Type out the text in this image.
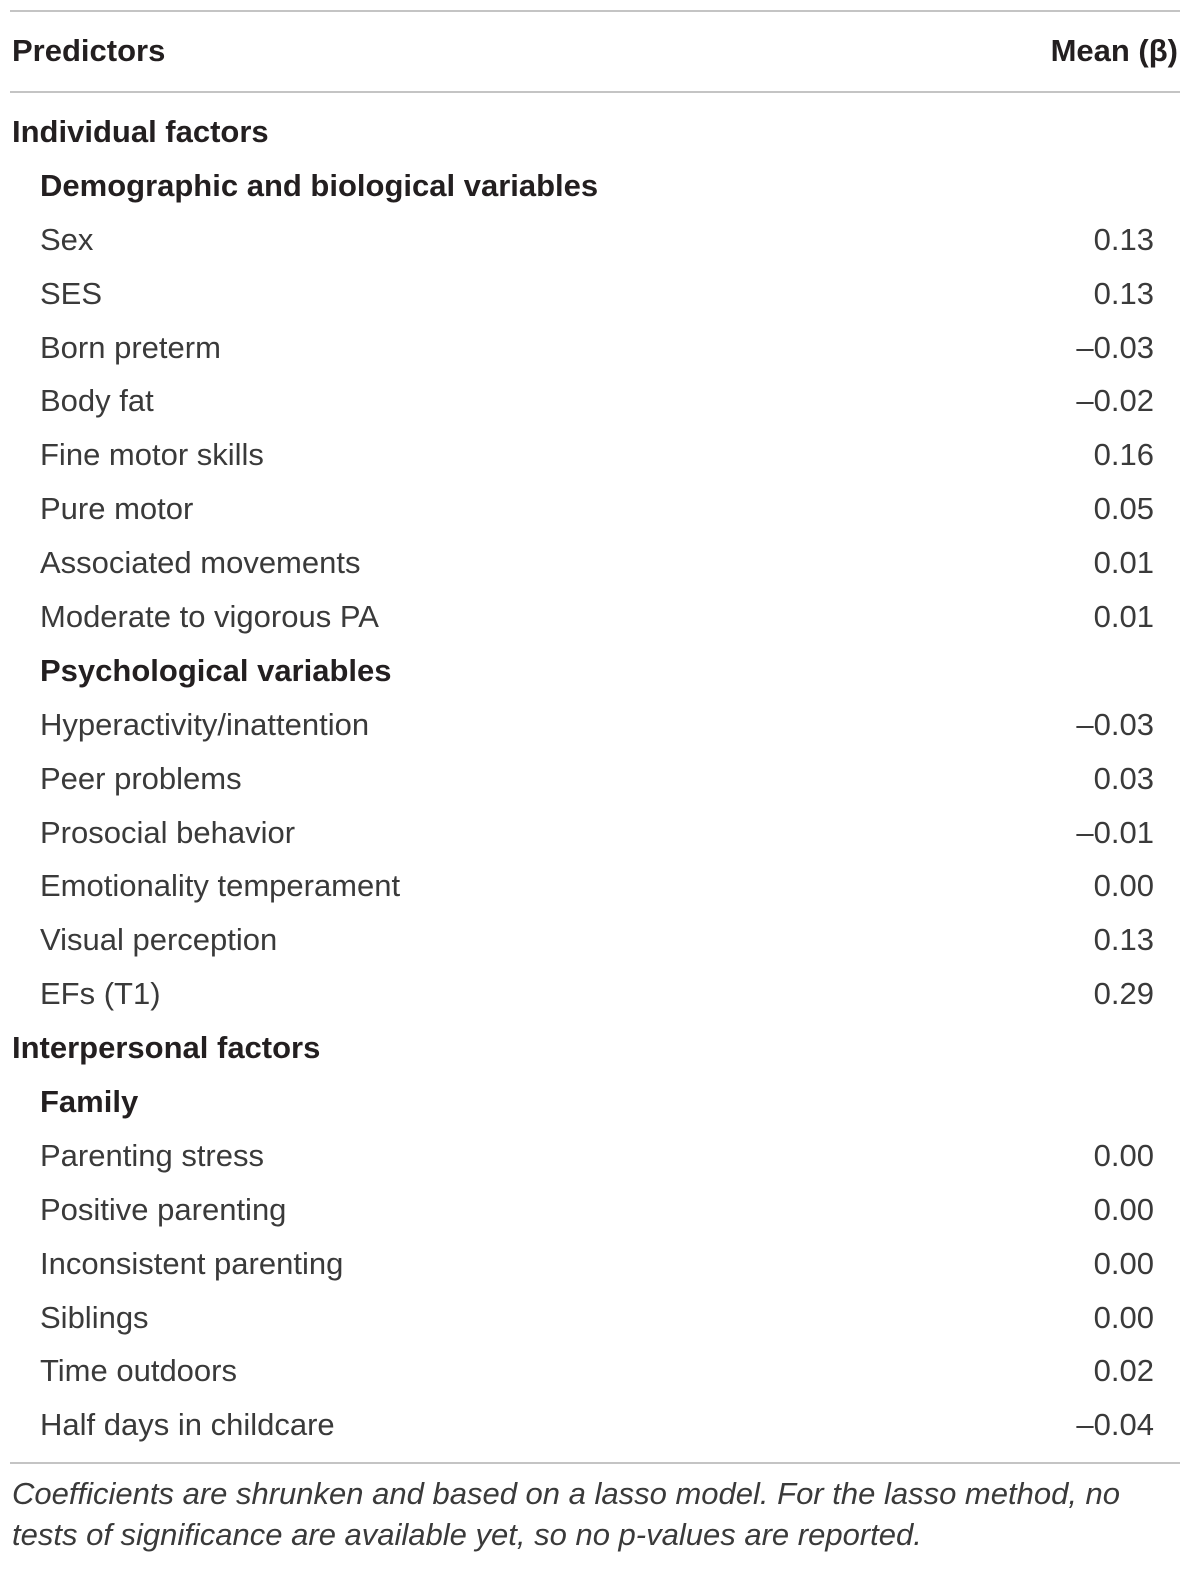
Predictors	Mean (β)
Individual factors
Demographic and biological variables
Sex	0.13
SES	0.13
Born preterm	–0.03
Body fat	–0.02
Fine motor skills	0.16
Pure motor	0.05
Associated movements	0.01
Moderate to vigorous PA	0.01
Psychological variables
Hyperactivity/inattention	–0.03
Peer problems	0.03
Prosocial behavior	–0.01
Emotionality temperament	0.00
Visual perception	0.13
EFs (T1)	0.29
Interpersonal factors
Family
Parenting stress	0.00
Positive parenting	0.00
Inconsistent parenting	0.00
Siblings	0.00
Time outdoors	0.02
Half days in childcare	–0.04
Coefficients are shrunken and based on a lasso model. For the lasso method, no tests of significance are available yet, so no p-values are reported.
